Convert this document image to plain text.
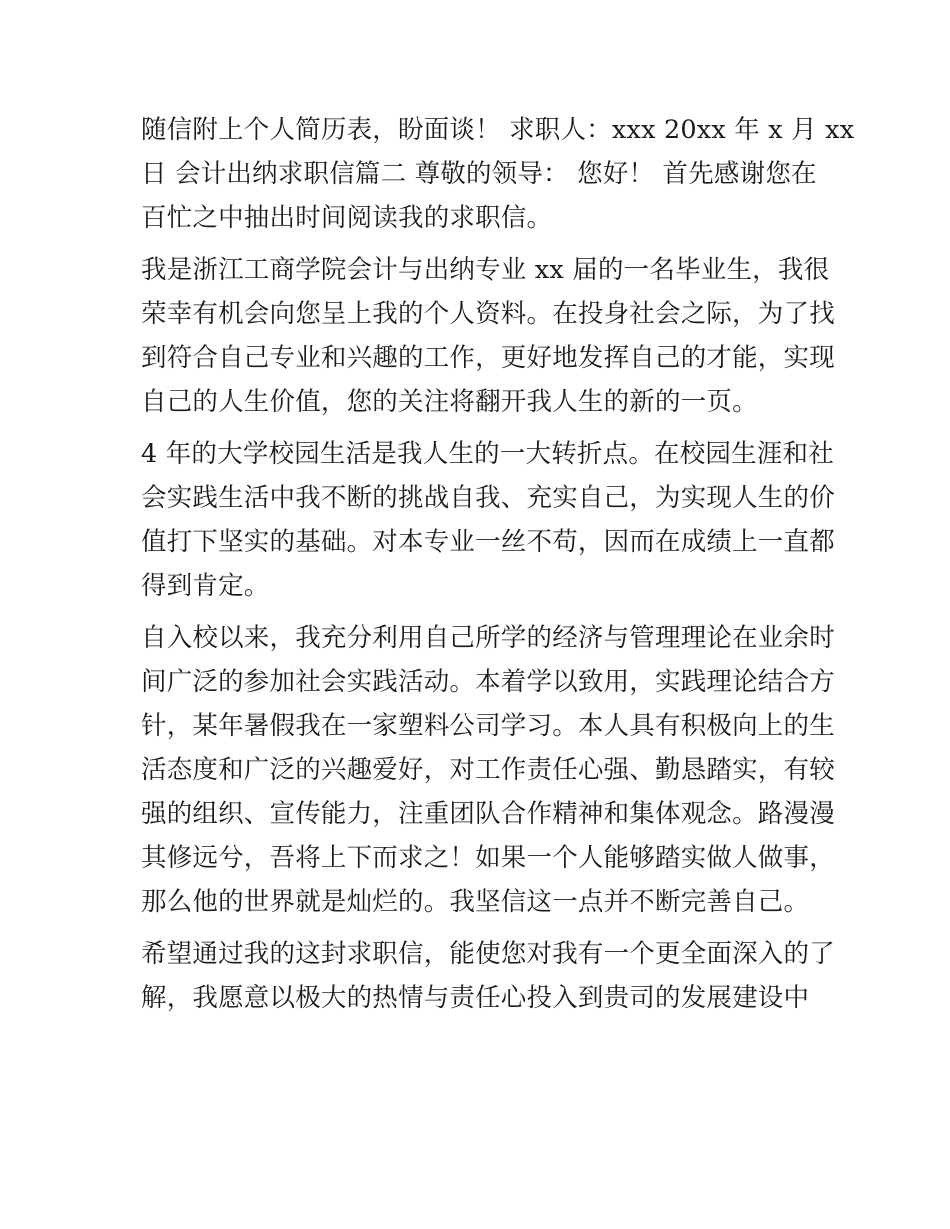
随信附上个人简历表，盼面谈！ 求职人：xxx 20xx 年 x 月 xx
日 会计出纳求职信篇二 尊敬的领导： 您好！ 首先感谢您在
百忙之中抽出时间阅读我的求职信。
我是浙江工商学院会计与出纳专业 xx 届的一名毕业生，我很
荣幸有机会向您呈上我的个人资料。在投身社会之际，为了找
到符合自己专业和兴趣的工作，更好地发挥自己的才能，实现
自己的人生价值，您的关注将翻开我人生的新的一页。
4 年的大学校园生活是我人生的一大转折点。在校园生涯和社
会实践生活中我不断的挑战自我、充实自己，为实现人生的价
值打下坚实的基础。对本专业一丝不苟，因而在成绩上一直都
得到肯定。
自入校以来，我充分利用自己所学的经济与管理理论在业余时
间广泛的参加社会实践活动。本着学以致用，实践理论结合方
针，某年暑假我在一家塑料公司学习。本人具有积极向上的生
活态度和广泛的兴趣爱好，对工作责任心强、勤恳踏实，有较
强的组织、宣传能力，注重团队合作精神和集体观念。路漫漫
其修远兮，吾将上下而求之！如果一个人能够踏实做人做事，
那么他的世界就是灿烂的。我坚信这一点并不断完善自己。
希望通过我的这封求职信，能使您对我有一个更全面深入的了
解，我愿意以极大的热情与责任心投入到贵司的发展建设中
